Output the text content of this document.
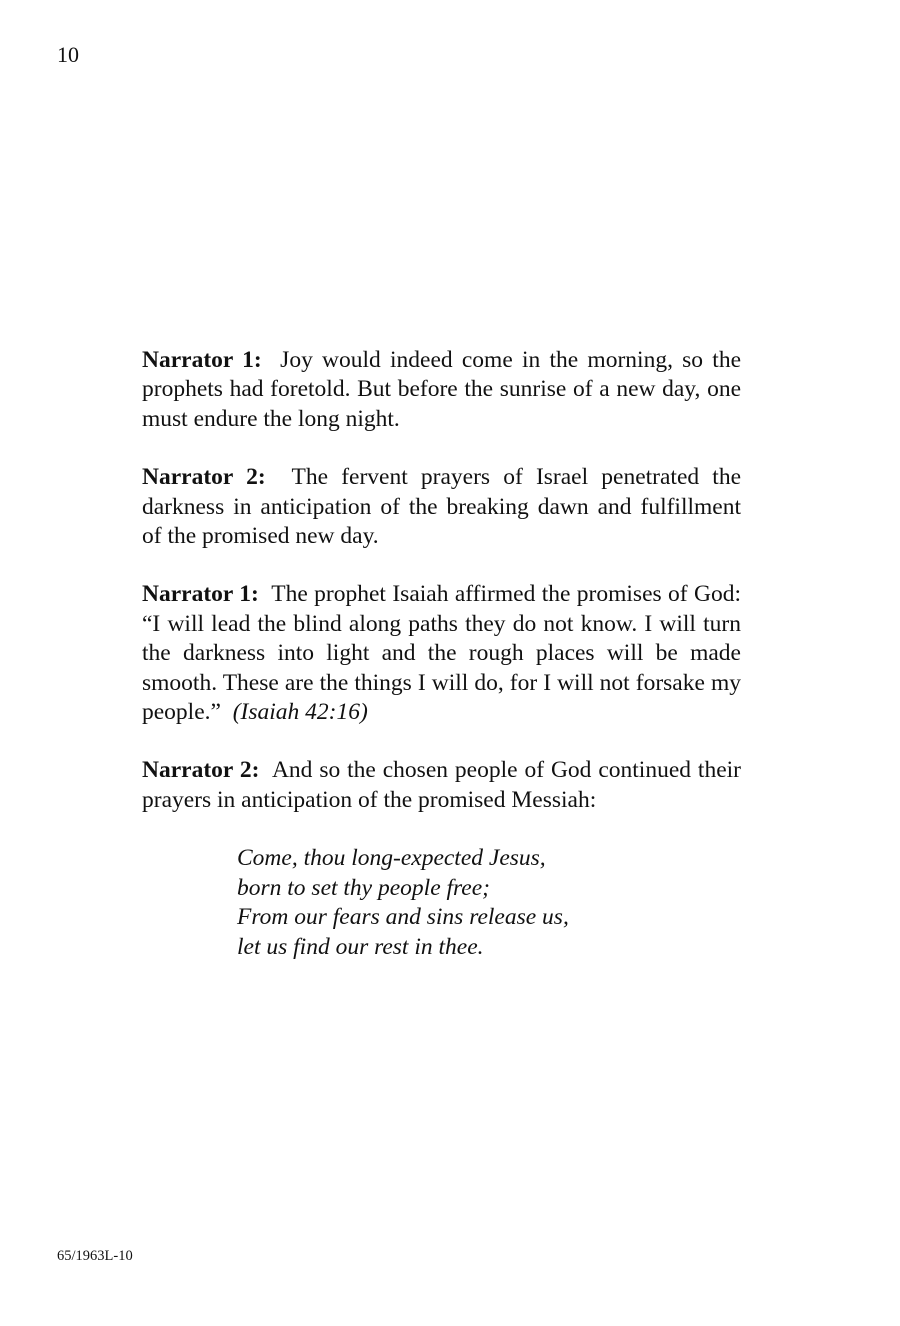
10

Narrator 1: Joy would indeed come in the morning, so the prophets had foretold. But before the sunrise of a new day, one must endure the long night.

Narrator 2: The fervent prayers of Israel penetrated the darkness in anticipation of the breaking dawn and fulfillment of the promised new day.

Narrator 1: The prophet Isaiah affirmed the promises of God: “I will lead the blind along paths they do not know. I will turn the darkness into light and the rough places will be made smooth. These are the things I will do, for I will not forsake my people.” (Isaiah 42:16)

Narrator 2: And so the chosen people of God continued their prayers in anticipation of the promised Messiah:

Come, thou long-expected Jesus,
born to set thy people free;
From our fears and sins release us,
let us find our rest in thee.
65/1963L-10
